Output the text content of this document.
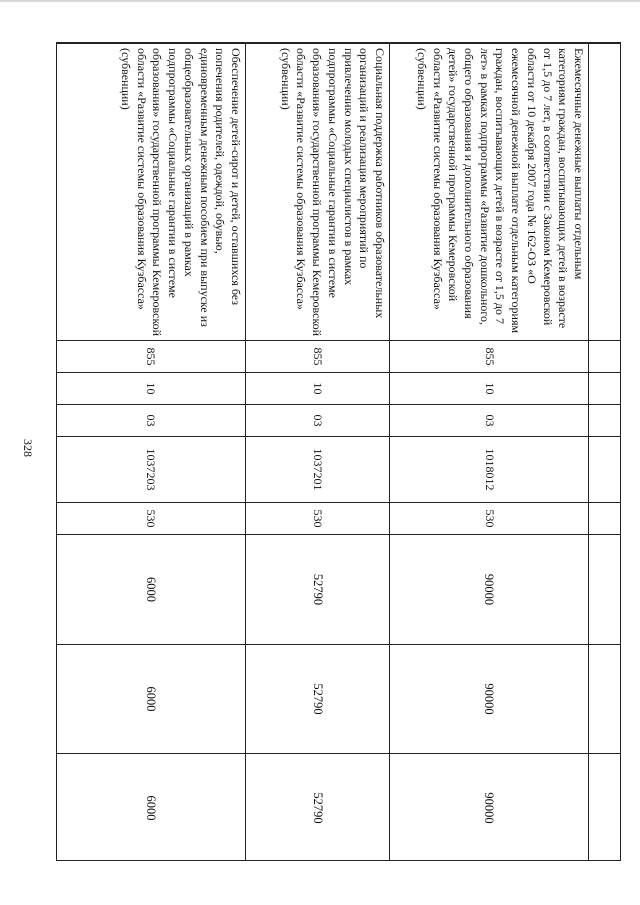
328

Ежемесячные денежные выплаты отдельным категориям граждан, воспитывающих детей в возрасте от 1,5 до 7 лет, в соответствии с Законом Кемеровской области от 10 декабря 2007 года № 162-ОЗ «О ежемесячной денежной выплате отдельным категориям граждан, воспитывающих детей в возрасте от 1,5 до 7 лет» в рамках подпрограммы «Развитие дошкольного, общего образования и дополнительного образования детей» государственной программы Кемеровской области «Развитие системы образования Кузбасса» (субвенции)	855	10	03	1018012	530	90000	90000	90000
Социальная поддержка работников образовательных организаций и реализация мероприятий по привлечению молодых специалистов в рамках подпрограммы «Социальные гарантии в системе образования» государственной программы Кемеровской области «Развитие системы образования Кузбасса» (субвенции)	855	10	03	1037201	530	52790	52790	52790
Обеспечение детей-сирот и детей, оставшихся без попечения родителей, одеждой, обувью, единовременным денежным пособием при выпуске из общеобразовательных организаций в рамках подпрограммы «Социальные гарантии в системе образования» государственной программы Кемеровской области «Развитие системы образования Кузбасса» (субвенции)	855	10	03	1037203	530	6000	6000	6000
